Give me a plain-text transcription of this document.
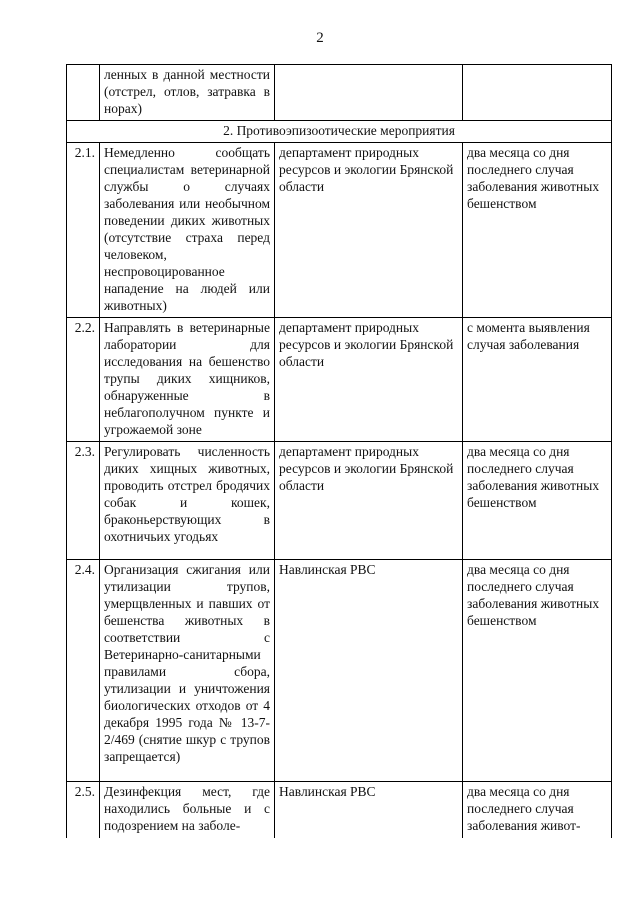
2
	ленных в данной местности (отстрел, отлов, затравка в норах)		
2. Противоэпизоотические мероприятия			
2.1.	Немедленно сообщать специалистам ветеринарной службы о случаях заболевания или необычном поведении диких животных (отсутствие страха перед человеком, неспровоцированное нападение на людей или животных)	департамент природных ресурсов и экологии Брянской области	два месяца со дня последнего случая заболевания животных бешенством
2.2.	Направлять в ветеринарные лаборатории для исследования на бешенство трупы диких хищников, обнаруженные в неблагополучном пункте и угрожаемой зоне	департамент природных ресурсов и экологии Брянской области	с момента выявления случая заболевания
2.3.	Регулировать численность диких хищных животных, проводить отстрел бродячих собак и кошек, браконьерствующих в охотничьих угодьях	департамент природных ресурсов и экологии Брянской области	два месяца со дня последнего случая заболевания животных бешенством
2.4.	Организация сжигания или утилизации трупов, умерщвленных и павших от бешенства животных в соответствии с Ветеринарно-санитарными правилами сбора, утилизации и уничтожения биологических отходов от 4 декабря 1995 года № 13-7-2/469 (снятие шкур с трупов запрещается)	Навлинская РВС	два месяца со дня последнего случая заболевания животных бешенством
2.5.	Дезинфекция мест, где находились больные и с подозрением на заболе-	Навлинская РВС	два месяца со дня последнего случая заболевания живот-
